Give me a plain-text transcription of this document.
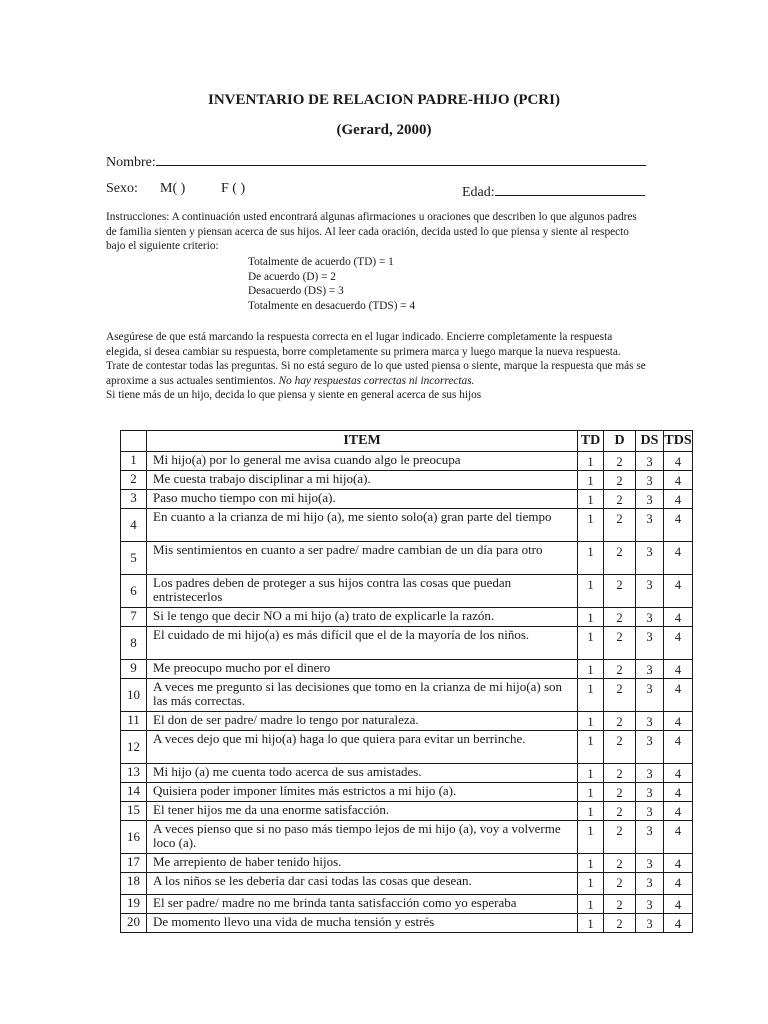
INVENTARIO DE RELACION PADRE-HIJO (PCRI)
(Gerard, 2000)
Nombre:
Sexo: M( )	F ( )	Edad:
Instrucciones: A continuación usted encontrará algunas afirmaciones u oraciones que describen lo que algunos padres de familia sienten y piensan acerca de sus hijos. Al leer cada oración, decida usted lo que piensa y siente al respecto bajo el siguiente criterio:
Totalmente de acuerdo (TD) = 1
De acuerdo (D) = 2
Desacuerdo (DS) = 3
Totalmente en desacuerdo (TDS) = 4

Asegúrese de que está marcando la respuesta correcta en el lugar indicado. Encierre completamente la respuesta elegida, si desea cambiar su respuesta, borre completamente su primera marca y luego marque la nueva respuesta. Trate de contestar todas las preguntas. Si no está seguro de lo que usted piensa o siente, marque la respuesta que más se aproxime a sus actuales sentimientos. No hay respuestas correctas ni incorrectas.

Si tiene más de un hijo, decida lo que piensa y siente en general acerca de sus hijos

	ITEM	TD	D	DS	TDS
1	Mi hijo(a) por lo general me avisa cuando algo le preocupa	1	2	3	4
2	Me cuesta trabajo disciplinar a mi hijo(a).	1	2	3	4
3	Paso mucho tiempo con mi hijo(a).	1	2	3	4
4	En cuanto a la crianza de mi hijo (a), me siento solo(a) gran parte del tiempo	1	2	3	4
5	Mis sentimientos en cuanto a ser padre/ madre cambian de un día para otro	1	2	3	4
6	Los padres deben de proteger a sus hijos contra las cosas que puedan entristecerlos	1	2	3	4
7	Si le tengo que decir NO a mi hijo (a) trato de explicarle la razón.	1	2	3	4
8	El cuidado de mi hijo(a) es más difícil que el de la mayoría de los niños.	1	2	3	4
9	Me preocupo mucho por el dinero	1	2	3	4
10	A veces me pregunto si las decisiones que tomo en la crianza de mi hijo(a) son las más correctas.	1	2	3	4
11	El don de ser padre/ madre lo tengo por naturaleza.	1	2	3	4
12	A veces dejo que mi hijo(a) haga lo que quiera para evitar un berrinche.	1	2	3	4
13	Mi hijo (a) me cuenta todo acerca de sus amistades.	1	2	3	4
14	Quisiera poder imponer límites más estrictos a mi hijo (a).	1	2	3	4
15	El tener hijos me da una enorme satisfacción.	1	2	3	4
16	A veces pienso que si no paso más tiempo lejos de mi hijo (a), voy a volverme loco (a).	1	2	3	4
17	Me arrepiento de haber tenido hijos.	1	2	3	4
18	A los niños se les debería dar casi todas las cosas que desean.	1	2	3	4
19	El ser padre/ madre no me brinda tanta satisfacción como yo esperaba	1	2	3	4
20	De momento llevo una vida de mucha tensión y estrés	1	2	3	4
